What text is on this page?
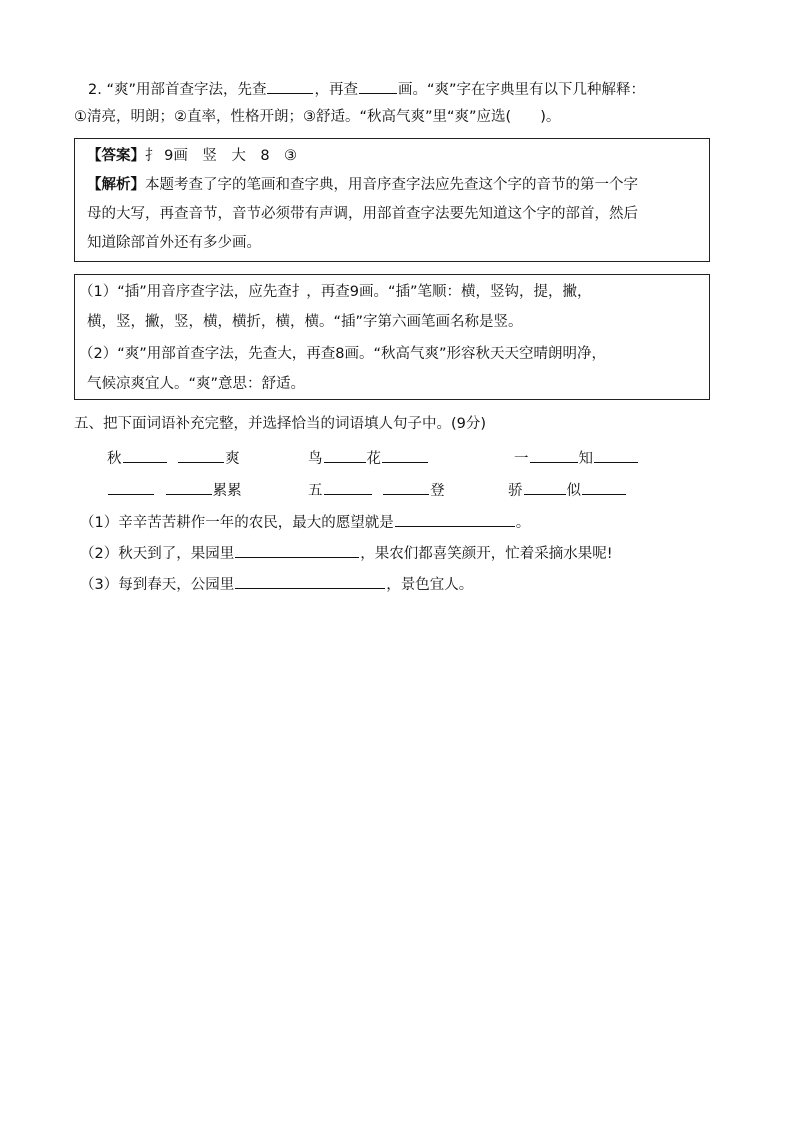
2. “爽”用部首查字法，先查	，再查	画。“爽”字在字典里有以下几种解释：
①清亮，明朗；②直率，性格开朗；③舒适。“秋高气爽”里“爽”应选(　　)。
【答案】扌 9画　竖　大　8　③
【解析】本题考查了字的笔画和查字典，用音序查字法应先查这个字的音节的第一个字
母的大写，再查音节，音节必须带有声调，用部首查字法要先知道这个字的部首，然后
知道除部首外还有多少画。
（1）“插”用音序查字法，应先查扌，再查9画。“插”笔顺：横，竖钩，提，撇，
横，竖，撇，竖，横，横折，横，横。“插”字第六画笔画名称是竖。
（2）“爽”用部首查字法，先查大，再查8画。“秋高气爽”形容秋天天空晴朗明净，
气候凉爽宜人。“爽”意思：舒适。
五、把下面词语补充完整，并选择恰当的词语填人句子中。(9分)
秋	爽	鸟	花	一	知
累累	五	登	骄	似
（1）辛辛苦苦耕作一年的农民，最大的愿望就是	。
（2）秋天到了，果园里	，果农们都喜笑颜开，忙着采摘水果呢!
（3）每到春天，公园里	，景色宜人。
